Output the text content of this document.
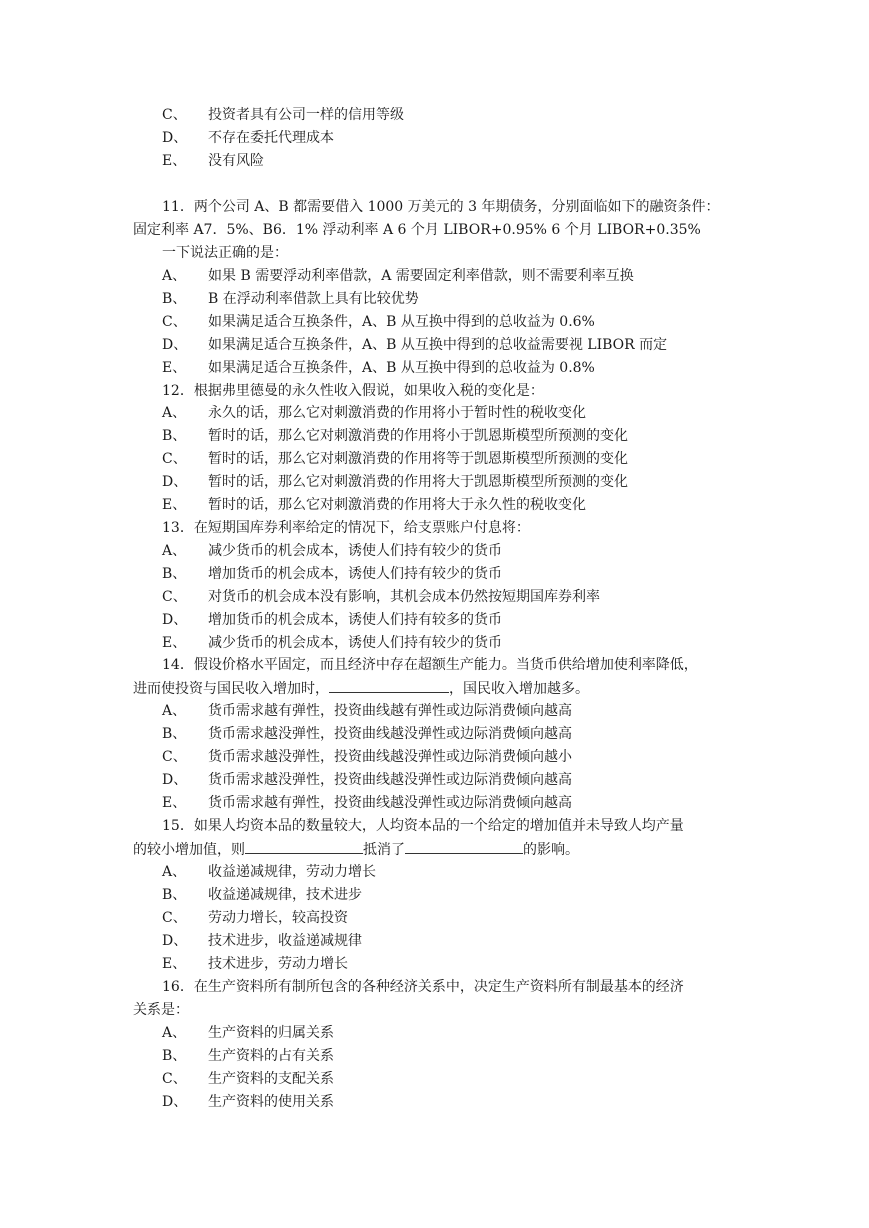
C、 投资者具有公司一样的信用等级
D、 不存在委托代理成本
E、 没有风险
11．两个公司 A、B 都需要借入 1000 万美元的 3 年期债务，分别面临如下的融资条件：
固定利率 A7．5%、B6．1% 浮动利率 A 6 个月 LIBOR+0.95% 6 个月 LIBOR+0.35%
一下说法正确的是：
A、 如果 B 需要浮动利率借款，A 需要固定利率借款，则不需要利率互换
B、 B 在浮动利率借款上具有比较优势
C、 如果满足适合互换条件，A、B 从互换中得到的总收益为 0.6%
D、 如果满足适合互换条件，A、B 从互换中得到的总收益需要视 LIBOR 而定
E、 如果满足适合互换条件，A、B 从互换中得到的总收益为 0.8%
12．根据弗里德曼的永久性收入假说，如果收入税的变化是：
A、 永久的话，那么它对刺激消费的作用将小于暂时性的税收变化
B、 暂时的话，那么它对刺激消费的作用将小于凯恩斯模型所预测的变化
C、 暂时的话，那么它对刺激消费的作用将等于凯恩斯模型所预测的变化
D、 暂时的话，那么它对刺激消费的作用将大于凯恩斯模型所预测的变化
E、 暂时的话，那么它对刺激消费的作用将大于永久性的税收变化
13．在短期国库券利率给定的情况下，给支票账户付息将：
A、 减少货币的机会成本，诱使人们持有较少的货币
B、 增加货币的机会成本，诱使人们持有较少的货币
C、 对货币的机会成本没有影响，其机会成本仍然按短期国库券利率
D、 增加货币的机会成本，诱使人们持有较多的货币
E、 减少货币的机会成本，诱使人们持有较少的货币
14．假设价格水平固定，而且经济中存在超额生产能力。当货币供给增加使利率降低，
进而使投资与国民收入增加时，	，国民收入增加越多。
A、 货币需求越有弹性，投资曲线越有弹性或边际消费倾向越高
B、 货币需求越没弹性，投资曲线越没弹性或边际消费倾向越高
C、 货币需求越没弹性，投资曲线越没弹性或边际消费倾向越小
D、 货币需求越没弹性，投资曲线越没弹性或边际消费倾向越高
E、 货币需求越有弹性，投资曲线越没弹性或边际消费倾向越高
15．如果人均资本品的数量较大，人均资本品的一个给定的增加值并未导致人均产量
的较小增加值，则	抵消了	的影响。
A、 收益递减规律，劳动力增长
B、 收益递减规律，技术进步
C、 劳动力增长，较高投资
D、 技术进步，收益递减规律
E、 技术进步，劳动力增长
16．在生产资料所有制所包含的各种经济关系中，决定生产资料所有制最基本的经济
关系是：
A、 生产资料的归属关系
B、 生产资料的占有关系
C、 生产资料的支配关系
D、 生产资料的使用关系
